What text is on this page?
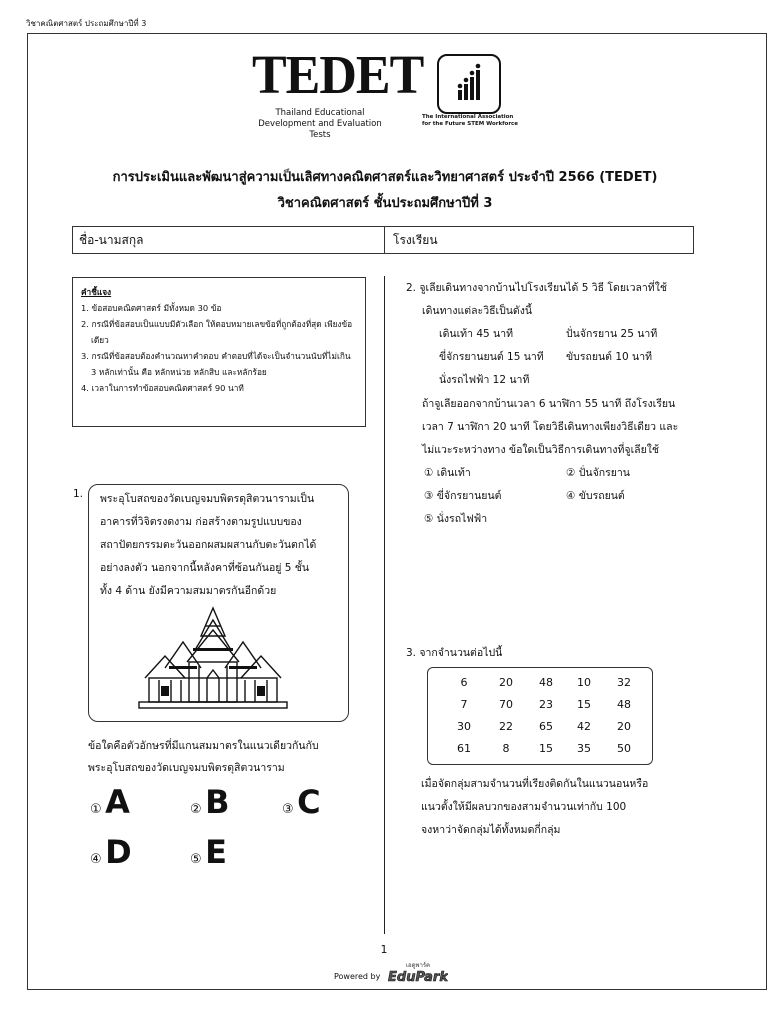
วิชาคณิตศาสตร์ ประถมศึกษาปีที่ 3
TEDET
Thailand Educational
Development and Evaluation Tests
The International Association
for the Future STEM Workforce
การประเมินและพัฒนาสู่ความเป็นเลิศทางคณิตศาสตร์และวิทยาศาสตร์ ประจำปี 2566 (TEDET)
วิชาคณิตศาสตร์ ชั้นประถมศึกษาปีที่ 3
ชื่อ-นามสกุล	โรงเรียน
คำชี้แจง
1. ข้อสอบคณิตศาสตร์ มีทั้งหมด 30 ข้อ
2. กรณีที่ข้อสอบเป็นแบบมีตัวเลือก ให้ตอบหมายเลขข้อที่ถูกต้องที่สุด เพียงข้อเดียว
3. กรณีที่ข้อสอบต้องคำนวณหาคำตอบ คำตอบที่ได้จะเป็นจำนวนนับที่ไม่เกิน 3 หลักเท่านั้น คือ หลักหน่วย หลักสิบ และหลักร้อย
4. เวลาในการทำข้อสอบคณิตศาสตร์ 90 นาที
1. พระอุโบสถของวัดเบญจมบพิตรดุสิตวนารามเป็น
อาคารที่วิจิตรงดงาม ก่อสร้างตามรูปแบบของ
สถาปัตยกรรมตะวันออกผสมผสานกับตะวันตกได้
อย่างลงตัว นอกจากนี้หลังคาที่ซ้อนกันอยู่ 5 ชั้น
ทั้ง 4 ด้าน ยังมีความสมมาตรกันอีกด้วย
ข้อใดคือตัวอักษรที่มีแกนสมมาตรในแนวเดียวกันกับ
พระอุโบสถของวัดเบญจมบพิตรดุสิตวนาราม
① A	② B	③ C
④ D	⑤ E
2. จูเลียเดินทางจากบ้านไปโรงเรียนได้ 5 วิธี โดยเวลาที่ใช้
เดินทางแต่ละวิธีเป็นดังนี้
เดินเท้า 45 นาที	ปั่นจักรยาน 25 นาที
ขี่จักรยานยนต์ 15 นาที ขับรถยนต์ 10 นาที
นั่งรถไฟฟ้า 12 นาที
ถ้าจูเลียออกจากบ้านเวลา 6 นาฬิกา 55 นาที ถึงโรงเรียน
เวลา 7 นาฬิกา 20 นาที โดยวิธีเดินทางเพียงวิธีเดียว และ
ไม่แวะระหว่างทาง ข้อใดเป็นวิธีการเดินทางที่จูเลียใช้
① เดินเท้า	② ปั่นจักรยาน
③ ขี่จักรยานยนต์	④ ขับรถยนต์
⑤ นั่งรถไฟฟ้า
3. จากจำนวนต่อไปนี้
6	20	48	10	32
7	70	23	15	48
30	22	65	42	20
61	8	15	35	50
เมื่อจัดกลุ่มสามจำนวนที่เรียงติดกันในแนวนอนหรือ
แนวตั้งให้มีผลบวกของสามจำนวนเท่ากับ 100
จงหาว่าจัดกลุ่มได้ทั้งหมดกี่กลุ่ม
1
Powered by
เอดูพาร์ค
EduPark
